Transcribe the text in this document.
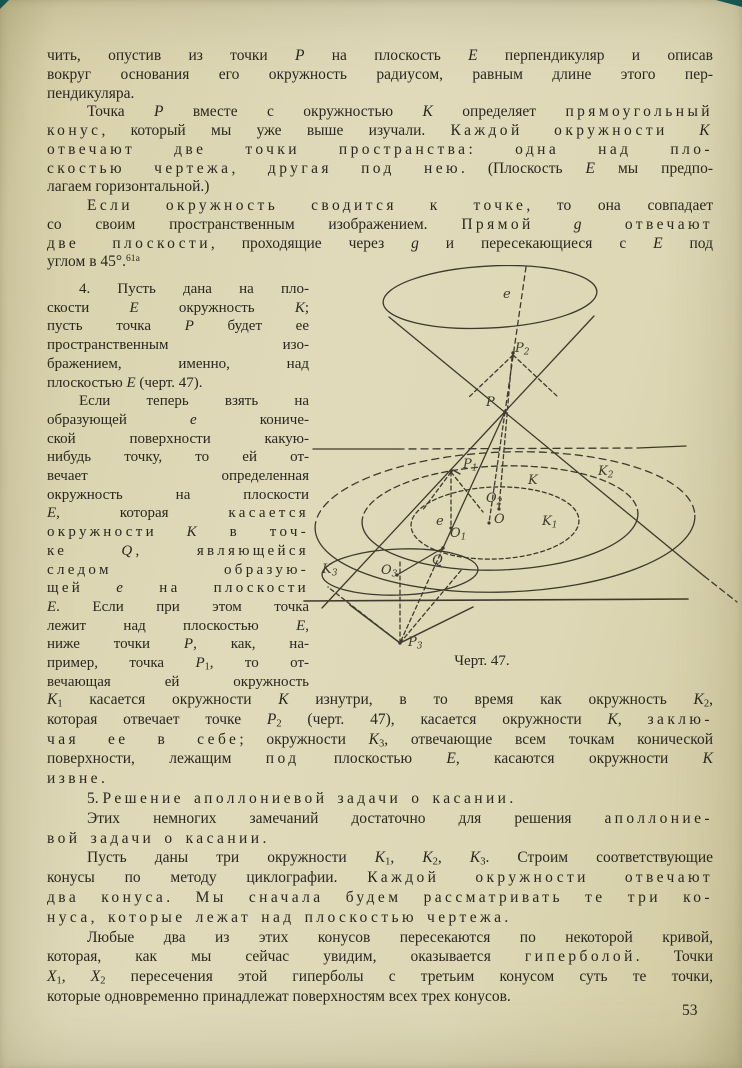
чить, опустив из точки P на плоскость E перпендикуляр и описав
вокруг основания его окружность радиусом, равным длине этого пер-
пендикуляра.
Точка P вместе с окружностью K определяет прямоугольный
конус, который мы уже выше изучали. Каждой окружности K
отвечают две точки пространства: одна над пло-
скостью чертежа, другая под нею. (Плоскость E мы предпо-
лагаем горизонтальной.)
Если окружность сводится к точке, то она совпадает
со своим пространственным изображением. Прямой g отвечают
две плоскости, проходящие через g и пересекающиеся с E под
углом в 45°.$^{61a}$
4. Пусть дана на пло-
скости E окружность K;
пусть точка P будет ее
пространственным изо-
бражением, именно, над
плоскостью E (черт. 47).
Если теперь взять на
образующей e кониче-
ской поверхности какую-
нибудь точку, то ей от-
вечает определенная
окружность на плоскости
E, которая касается
окружности K в точ-
ке Q, являющейся
следом образую-
щей e на плоскости
E. Если при этом точка
лежит над плоскостью E,
ниже точки P, как, на-
пример, точка $P_1$, то от-
вечающая ей окружность
$K_1$ касается окружности K изнутри, в то время как окружность $K_2$,
которая отвечает точке $P_2$ (черт. 47), касается окружности K, заклю-
чая ее в себе; окружности $K_3$, отвечающие всем точкам конической
поверхности, лежащим под плоскостью E, касаются окружности K
извне.
5. Решение аполлониевой задачи о касании.
Этих немногих замечаний достаточно для решения аполлоние-
вой задачи о касании.
Пусть даны три окружности $K_1$, $K_2$, $K_3$. Строим соответствующие
конусы по методу циклографии. Каждой окружности отвечают
два конуса. Мы сначала будем рассматривать те три ко-
нуса, которые лежат над плоскостью чертежа.
Любые два из этих конусов пересекаются по некоторой кривой,
которая, как мы сейчас увидим, оказывается гиперболой. Точки
$X_1$, $X_2$ пересечения этой гиперболы с третьим конусом суть те точки,
которые одновременно принадлежат поверхностям всех трех конусов.
e
$P_2$
P
$P_1$	$K_2$
K
$O_2$
O
e
$O_1$
$K_1$
$K_3$	$O_3$
Q
$P_3$
Черт. 47.
53
